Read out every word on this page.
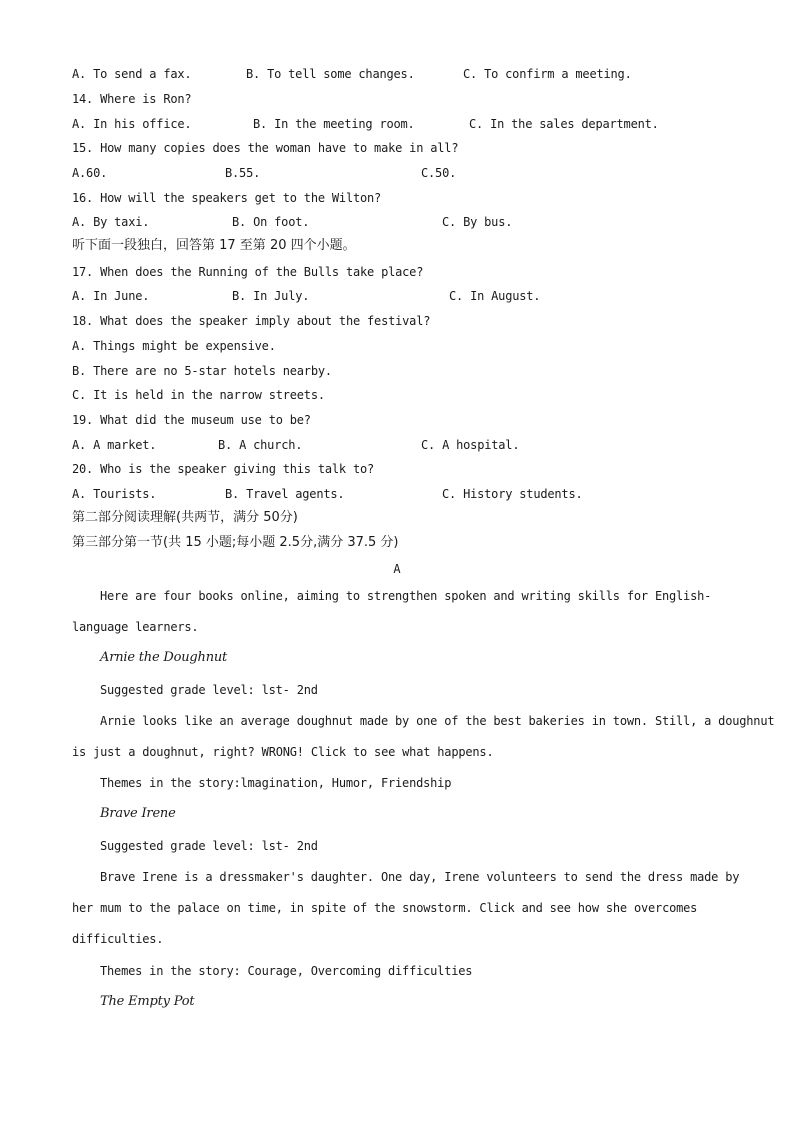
A. To send a fax.	B. To tell some changes.	C. To confirm a meeting.
14. Where is Ron?
A. In his office.	B. In the meeting room.	C. In the sales department.
15. How many copies does the woman have to make in all?
A.60.	B.55.	C.50.
16. How will the speakers get to the Wilton?
A. By taxi.	B. On foot.	C. By bus.
听下面一段独白，回答第 17 至第 20 四个小题。
17. When does the Running of the Bulls take place?
A. In June.	B. In July.	C. In August.
18. What does the speaker imply about the festival?
A. Things might be expensive.
B. There are no 5-star hotels nearby.
C. It is held in the narrow streets.
19. What did the museum use to be?
A. A market.	B. A church.	C. A hospital.
20. Who is the speaker giving this talk to?
A. Tourists.	B. Travel agents.	C. History students.
第二部分阅读理解(共两节，满分 50分)
第三部分第一节(共 15 小题;每小题 2.5分,满分 37.5 分)
A
Here are four books online, aiming to strengthen spoken and writing skills for English-
language learners.
Arnie the Doughnut
Suggested grade level: lst- 2nd
Arnie looks like an average doughnut made by one of the best bakeries in town. Still, a doughnut
is just a doughnut, right? WRONG! Click to see what happens.
Themes in the story:lmagination, Humor, Friendship
Brave Irene
Suggested grade level: lst- 2nd
Brave Irene is a dressmaker's daughter. One day, Irene volunteers to send the dress made by
her mum to the palace on time, in spite of the snowstorm. Click and see how she overcomes
difficulties.
Themes in the story: Courage, Overcoming difficulties
The Empty Pot
